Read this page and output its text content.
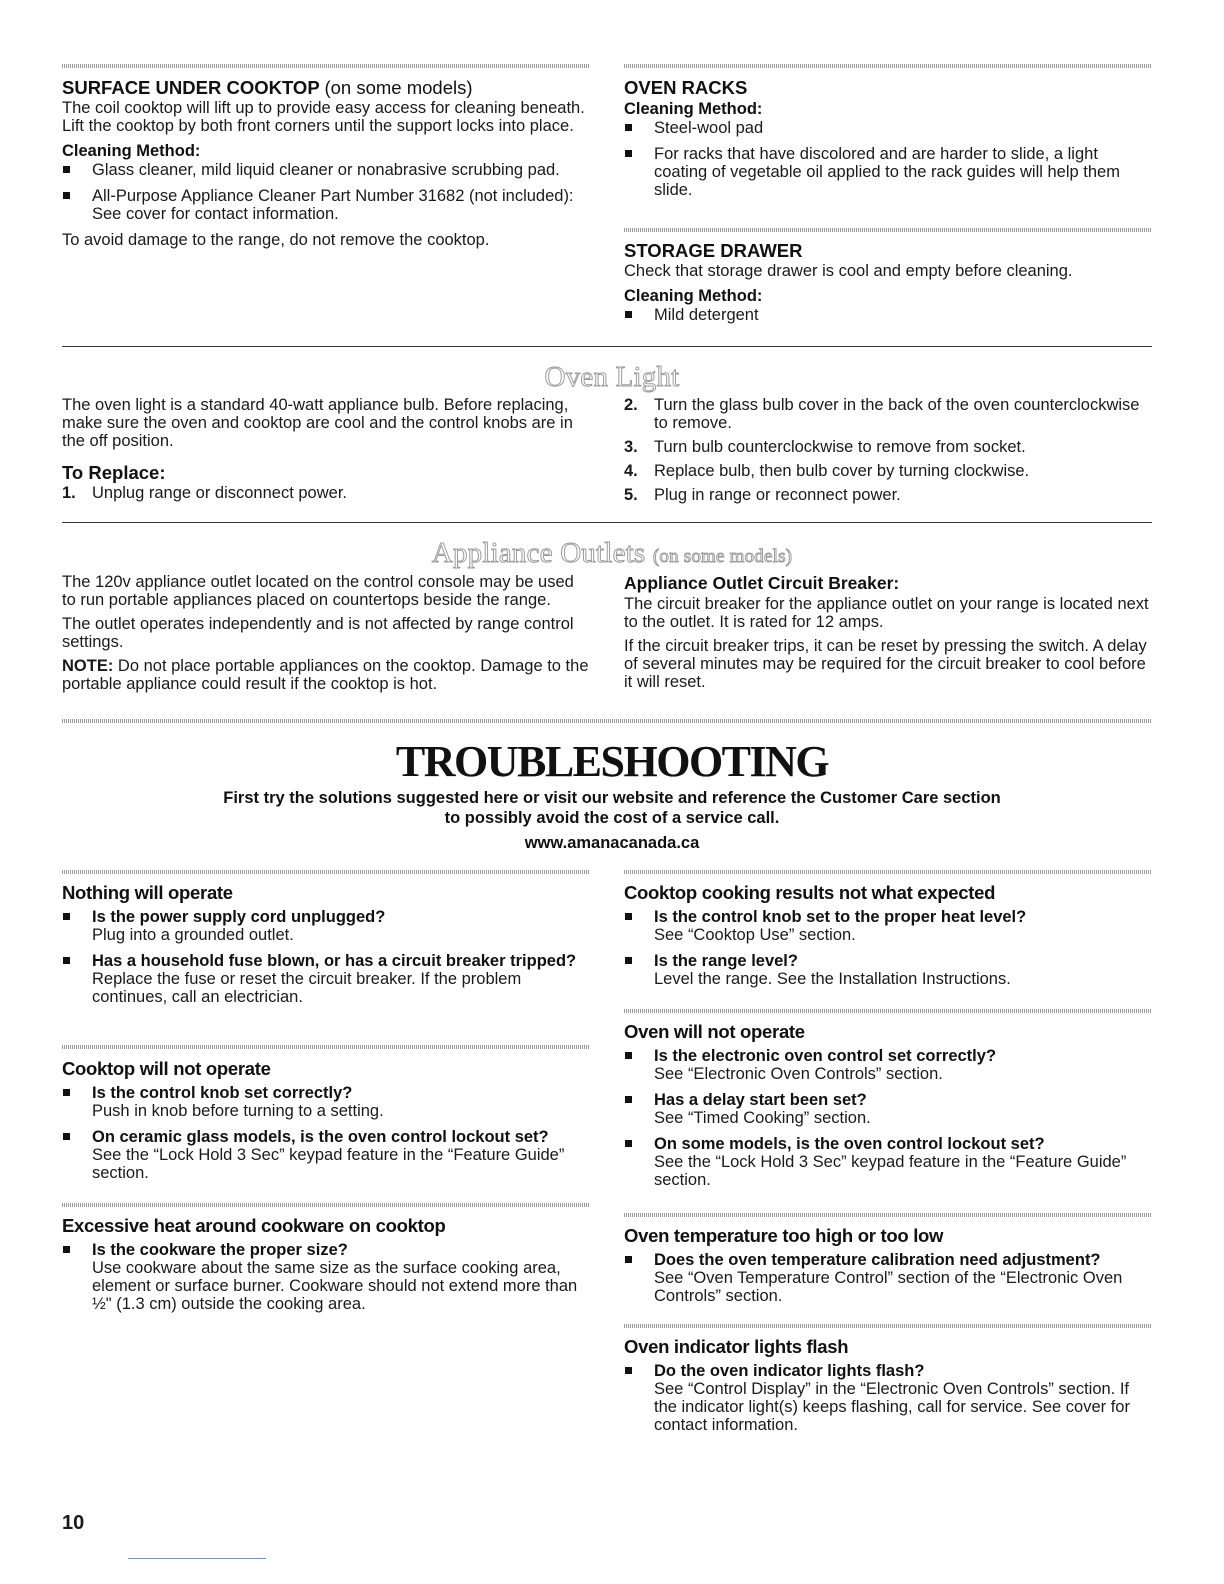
SURFACE UNDER COOKTOP (on some models)

The coil cooktop will lift up to provide easy access for cleaning beneath. Lift the cooktop by both front corners until the support locks into place.

Cleaning Method:

Glass cleaner, mild liquid cleaner or nonabrasive scrubbing pad.

All-Purpose Appliance Cleaner Part Number 31682 (not included):
See cover for contact information.

To avoid damage to the range, do not remove the cooktop.

OVEN RACKS
Cleaning Method:

Steel-wool pad

For racks that have discolored and are harder to slide, a light coating of vegetable oil applied to the rack guides will help them slide.

STORAGE DRAWER

Check that storage drawer is cool and empty before cleaning.

Cleaning Method:

Mild detergent

Oven Light

The oven light is a standard 40-watt appliance bulb. Before replacing, make sure the oven and cooktop are cool and the control knobs are in the off position.

To Replace:
1. Unplug range or disconnect power.
2. Turn the glass bulb cover in the back of the oven counterclockwise to remove.
3. Turn bulb counterclockwise to remove from socket.
4. Replace bulb, then bulb cover by turning clockwise.
5. Plug in range or reconnect power.
Appliance Outlets (on some models)

The 120v appliance outlet located on the control console may be used to run portable appliances placed on countertops beside the range.

The outlet operates independently and is not affected by range control settings.

NOTE: Do not place portable appliances on the cooktop. Damage to the portable appliance could result if the cooktop is hot.

Appliance Outlet Circuit Breaker:

The circuit breaker for the appliance outlet on your range is located next to the outlet. It is rated for 12 amps.

If the circuit breaker trips, it can be reset by pressing the switch. A delay of several minutes may be required for the circuit breaker to cool before it will reset.

TROUBLESHOOTING
First try the solutions suggested here or visit our website and reference the Customer Care section
to possibly avoid the cost of a service call.
www.amanacanada.ca
Nothing will operate
Is the power supply cord unplugged?
Plug into a grounded outlet.
Has a household fuse blown, or has a circuit breaker tripped?
Replace the fuse or reset the circuit breaker. If the problem continues, call an electrician.
Cooktop will not operate
Is the control knob set correctly?
Push in knob before turning to a setting.
On ceramic glass models, is the oven control lockout set?
See the “Lock Hold 3 Sec” keypad feature in the “Feature Guide” section.
Excessive heat around cookware on cooktop
Is the cookware the proper size?
Use cookware about the same size as the surface cooking area, element or surface burner. Cookware should not extend more than ½" (1.3 cm) outside the cooking area.
Cooktop cooking results not what expected
Is the control knob set to the proper heat level?
See “Cooktop Use” section.
Is the range level?
Level the range. See the Installation Instructions.
Oven will not operate
Is the electronic oven control set correctly?
See “Electronic Oven Controls” section.
Has a delay start been set?
See “Timed Cooking” section.
On some models, is the oven control lockout set?
See the “Lock Hold 3 Sec” keypad feature in the “Feature Guide” section.
Oven temperature too high or too low
Does the oven temperature calibration need adjustment?
See “Oven Temperature Control” section of the “Electronic Oven Controls” section.
Oven indicator lights flash
Do the oven indicator lights flash?
See “Control Display” in the “Electronic Oven Controls” section. If the indicator light(s) keeps flashing, call for service. See cover for contact information.
10
